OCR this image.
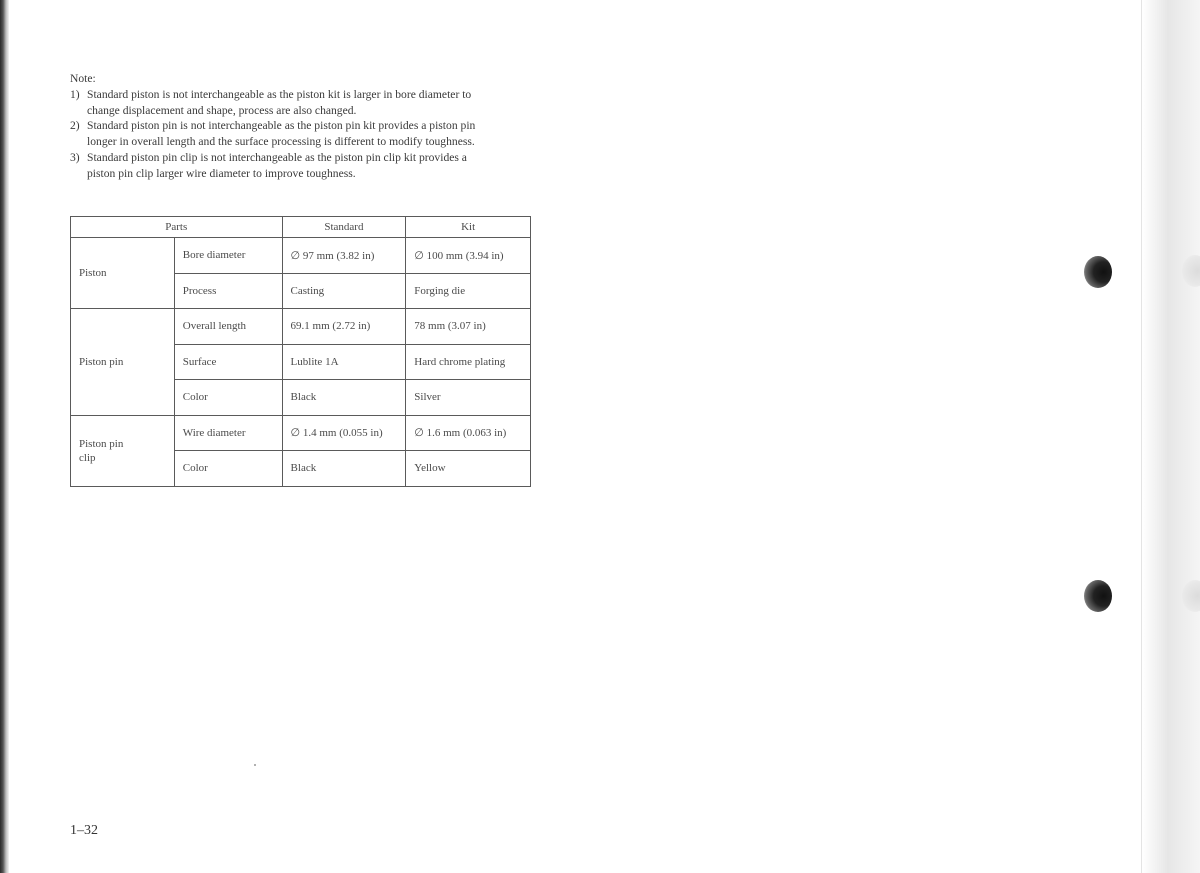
Note:

1) Standard piston is not interchangeable as the piston kit is larger in bore diameter to
change displacement and shape, process are also changed.
2) Standard piston pin is not interchangeable as the piston pin kit provides a piston pin
longer in overall length and the surface processing is different to modify toughness.
3) Standard piston pin clip is not interchangeable as the piston pin clip kit provides a
piston pin clip larger wire diameter to improve toughness.
Parts		Standard	Kit
Piston	Bore diameter	∅ 97 mm (3.82 in)	∅ 100 mm (3.94 in)
	Process	Casting	Forging die
Piston pin	Overall length	69.1 mm (2.72 in)	78 mm (3.07 in)
	Surface	Lublite 1A	Hard chrome plating
	Color	Black	Silver
Piston pin
clip	Wire diameter	∅ 1.4 mm (0.055 in)	∅ 1.6 mm (0.063 in)
	Color	Black	Yellow
1–32
